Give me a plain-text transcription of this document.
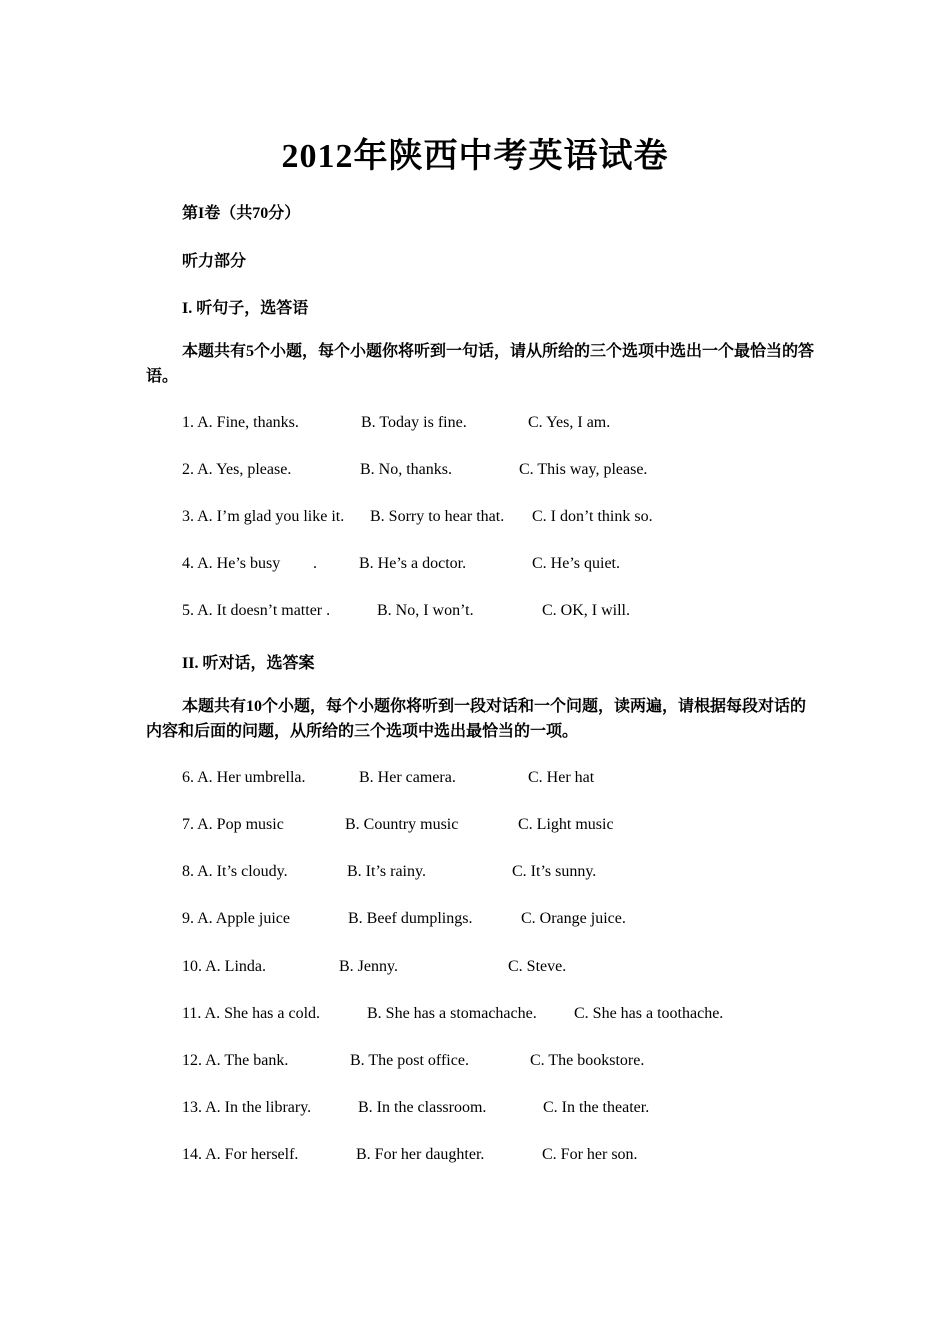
2012年陕西中考英语试卷
第I卷（共70分）
听力部分
I. 听句子，选答语
本题共有5个小题，每个小题你将听到一句话，请从所给的三个选项中选出一个最恰当的答语。
1. A. Fine, thanks.	B. Today is fine.	C. Yes, I am.
2. A. Yes, please.	B. No, thanks.	C. This way, please.
3. A. I’m glad you like it. B. Sorry to hear that. C. I don’t think so.
4. A. He’s busy .	B. He’s a doctor.	C. He’s quiet.
5. A. It doesn’t matter .	B. No, I won’t.	C. OK, I will.
II. 听对话，选答案
本题共有10个小题，每个小题你将听到一段对话和一个问题，读两遍，请根据每段对话的内容和后面的问题，从所给的三个选项中选出最恰当的一项。
6. A. Her umbrella.	B. Her camera.	C. Her hat
7. A. Pop music	B. Country music	C. Light music
8. A. It’s cloudy.	B. It’s rainy.	C. It’s sunny.
9. A. Apple juice	B. Beef dumplings.	C. Orange juice.
10. A. Linda.	B. Jenny.	C. Steve.
11. A. She has a cold.	B. She has a stomachache. C. She has a toothache.
12. A. The bank.	B. The post office.	C. The bookstore.
13. A. In the library.	B. In the classroom.	C. In the theater.
14. A. For herself.	B. For her daughter.	C. For her son.
